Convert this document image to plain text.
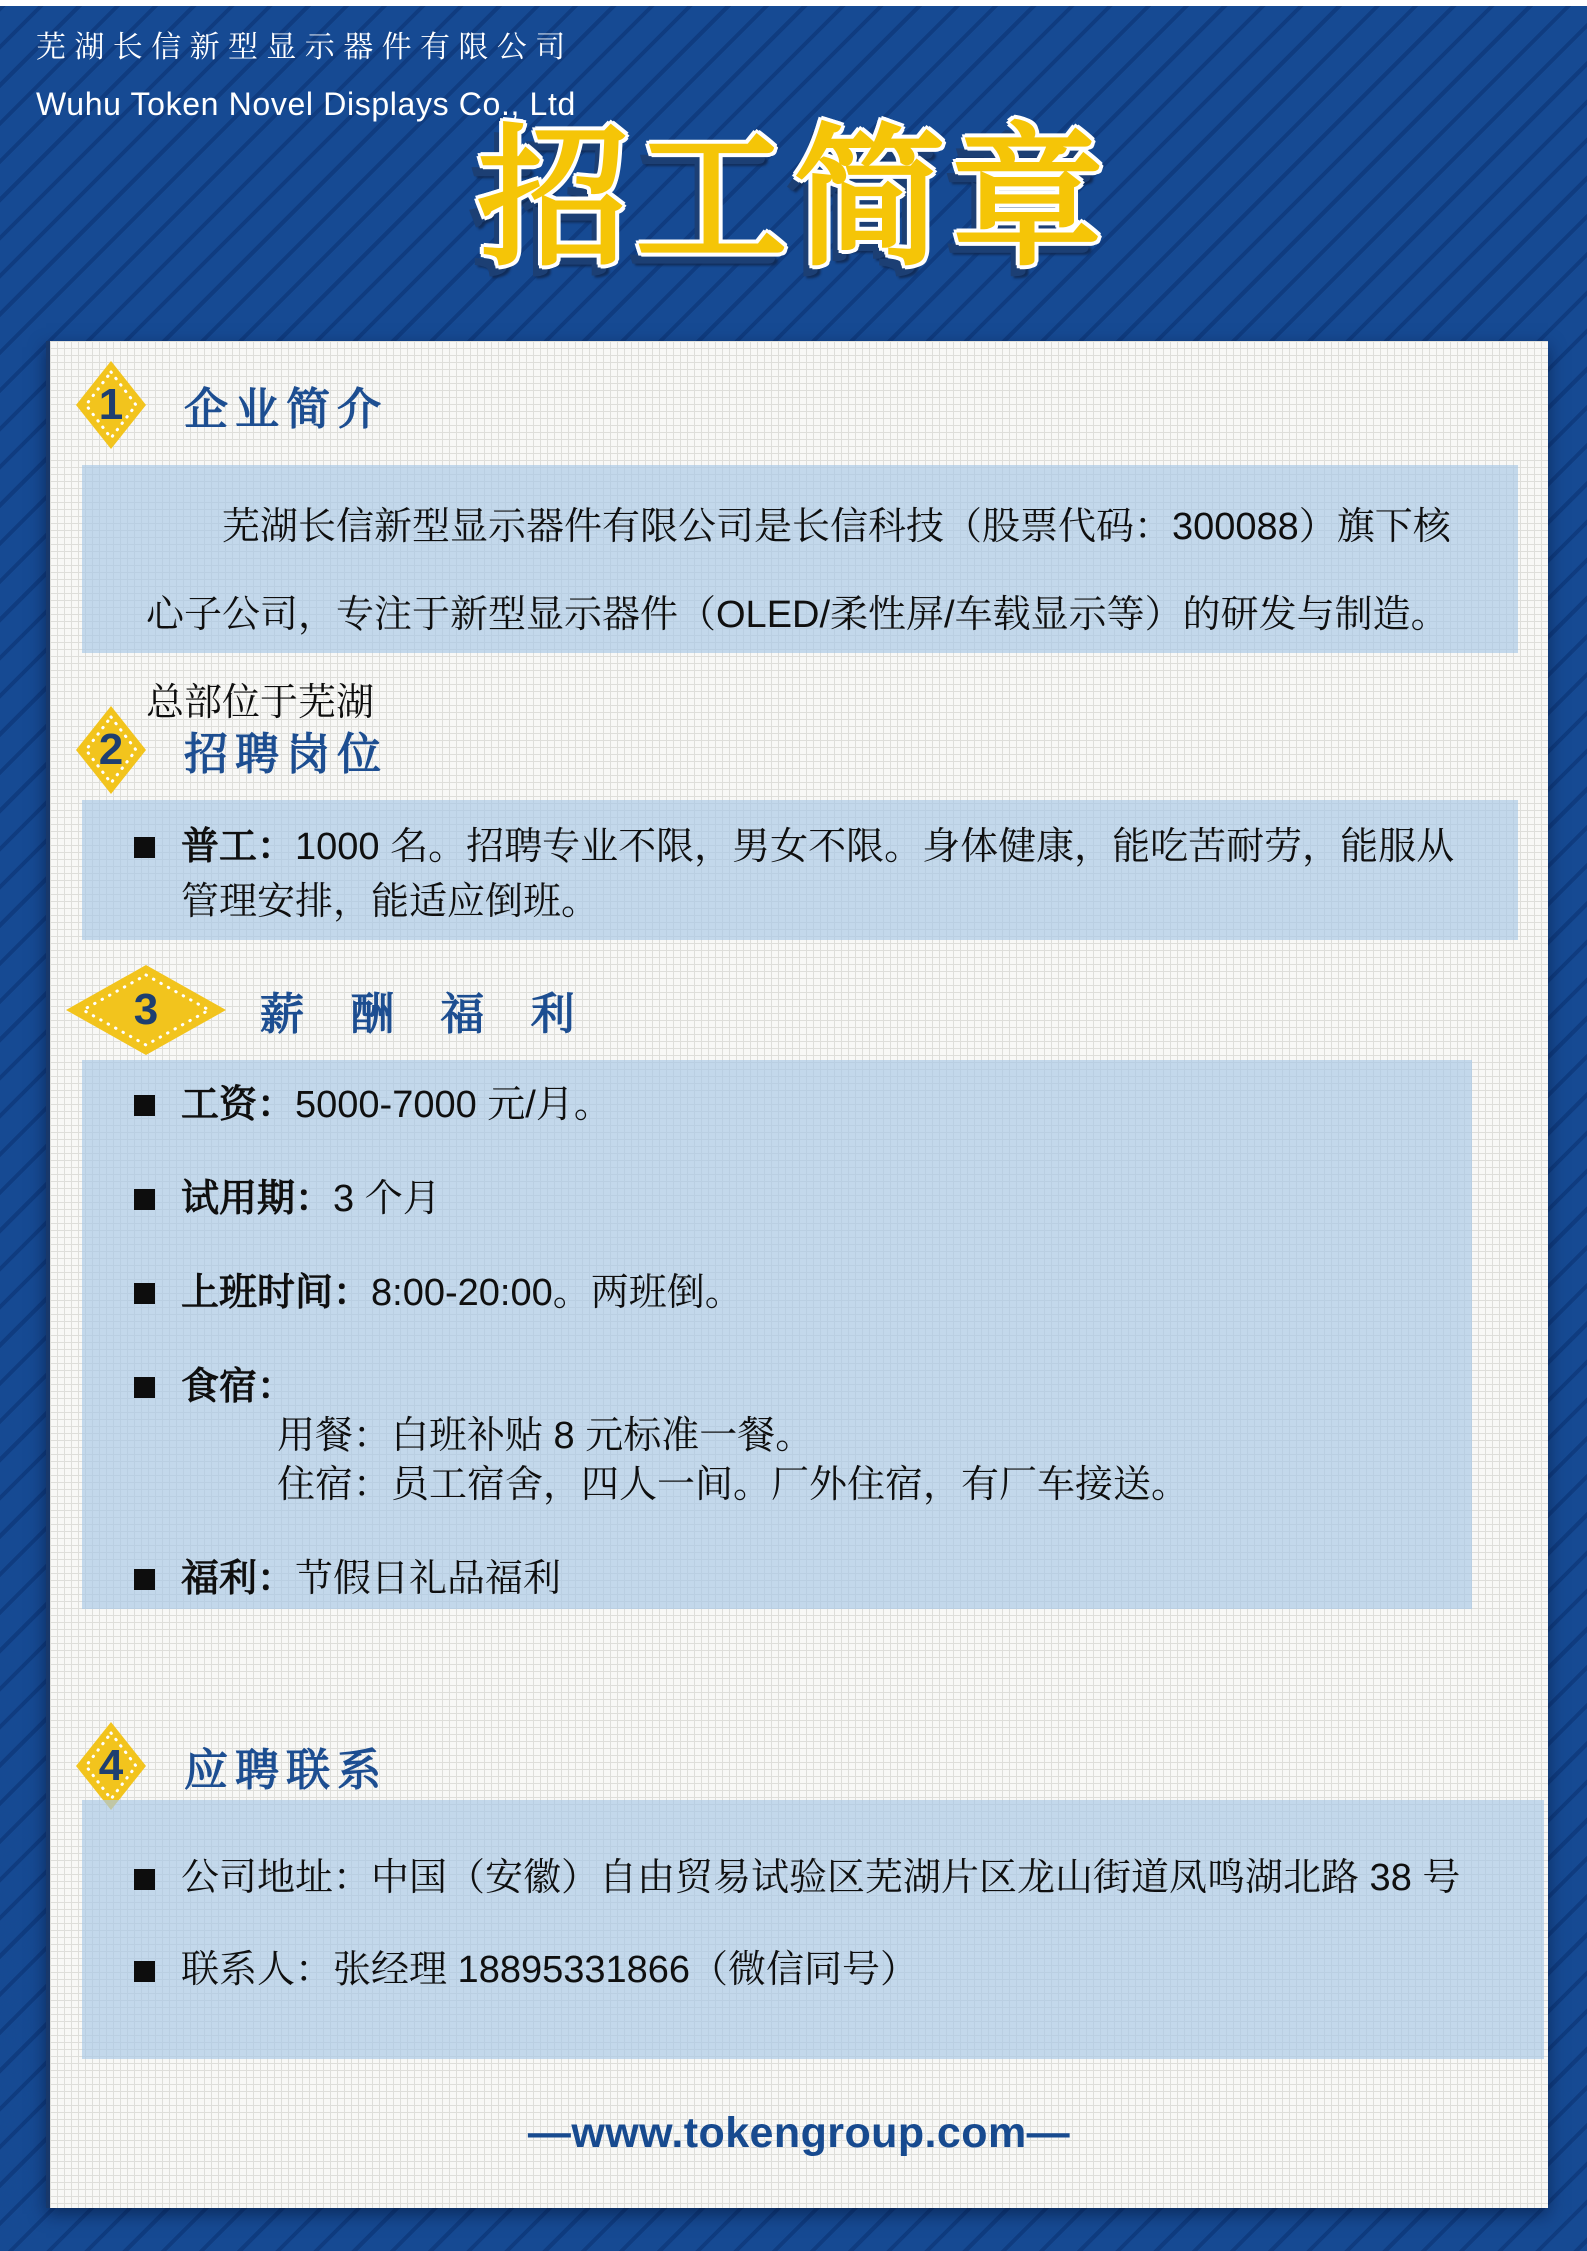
芜湖长信新型显示器件有限公司
Wuhu Token Novel Displays Co., Ltd
招工简章
1	企业简介

芜湖长信新型显示器件有限公司是长信科技（股票代码：300088）旗下核心子公司，专注于新型显示器件（OLED/柔性屏/车载显示等）的研发与制造。总部位于芜湖

2	招聘岗位
普工：1000 名。招聘专业不限，男女不限。身体健康，能吃苦耐劳，能服从管理安排，能适应倒班。
3	薪酬福利
工资：5000-7000 元/月。
试用期：3 个月
上班时间：8:00-20:00。两班倒。
食宿：
用餐：白班补贴 8 元标准一餐。
住宿：员工宿舍，四人一间。厂外住宿，有厂车接送。
福利：节假日礼品福利
4	应聘联系
公司地址：中国（安徽）自由贸易试验区芜湖片区龙山街道凤鸣湖北路 38 号
联系人：张经理 18895331866（微信同号）
—www.tokengroup.com—
